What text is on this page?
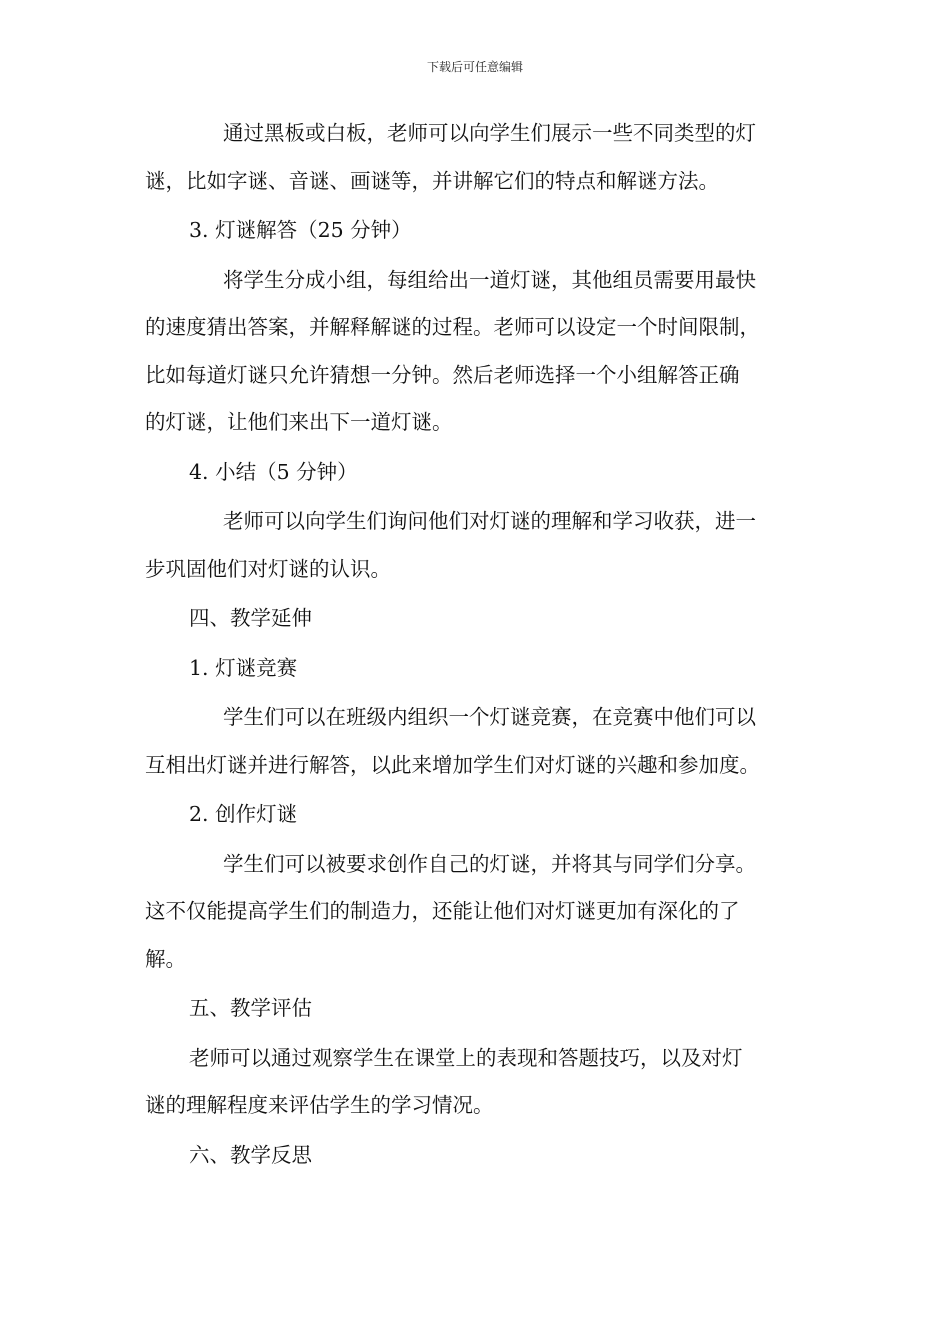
下载后可任意编辑

通过黑板或白板，老师可以向学生们展示一些不同类型的灯

谜，比如字谜、音谜、画谜等，并讲解它们的特点和解谜方法。

3. 灯谜解答（25 分钟）

将学生分成小组，每组给出一道灯谜，其他组员需要用最快

的速度猜出答案，并解释解谜的过程。老师可以设定一个时间限制，

比如每道灯谜只允许猜想一分钟。然后老师选择一个小组解答正确

的灯谜，让他们来出下一道灯谜。

4. 小结（5 分钟）

老师可以向学生们询问他们对灯谜的理解和学习收获，进一

步巩固他们对灯谜的认识。

四、教学延伸

1. 灯谜竞赛

学生们可以在班级内组织一个灯谜竞赛，在竞赛中他们可以

互相出灯谜并进行解答，以此来增加学生们对灯谜的兴趣和参加度。

2. 创作灯谜

学生们可以被要求创作自己的灯谜，并将其与同学们分享。

这不仅能提高学生们的制造力，还能让他们对灯谜更加有深化的了

解。

五、教学评估

老师可以通过观察学生在课堂上的表现和答题技巧，以及对灯

谜的理解程度来评估学生的学习情况。

六、教学反思
